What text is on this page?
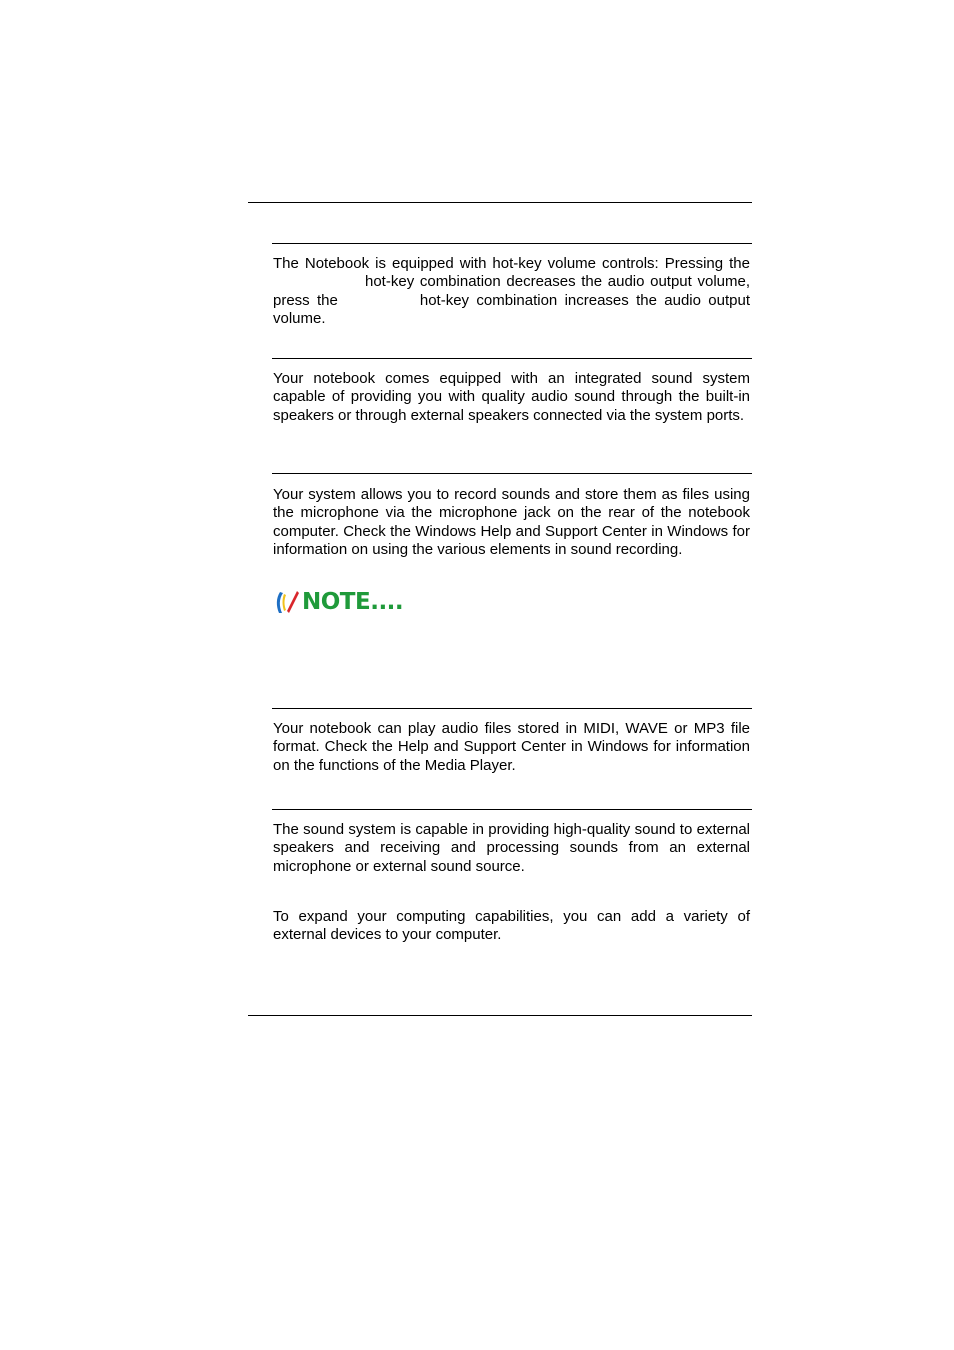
The Notebook is equipped with hot-key volume controls: Pressing thehot-key combination decreases the audio output volume, press the	hot-key combination increases the audio output volume.

Your notebook comes equipped with an integrated sound system capable of providing you with quality audio sound through the built-in speakers or through external speakers connected via the system ports.

Your system allows you to record sounds and store them as files using the microphone via the microphone jack on the rear of the notebook computer. Check the Windows Help and Support Center in Windows for information on using the various elements in sound recording.

NOTE....

Your notebook can play audio files stored in MIDI, WAVE or MP3 file format. Check the Help and Support Center in Windows for information on the functions of the Media Player.

The sound system is capable in providing high-quality sound to external speakers and receiving and processing sounds from an external microphone or external sound source.

To expand your computing capabilities, you can add a variety of external devices to your computer.
